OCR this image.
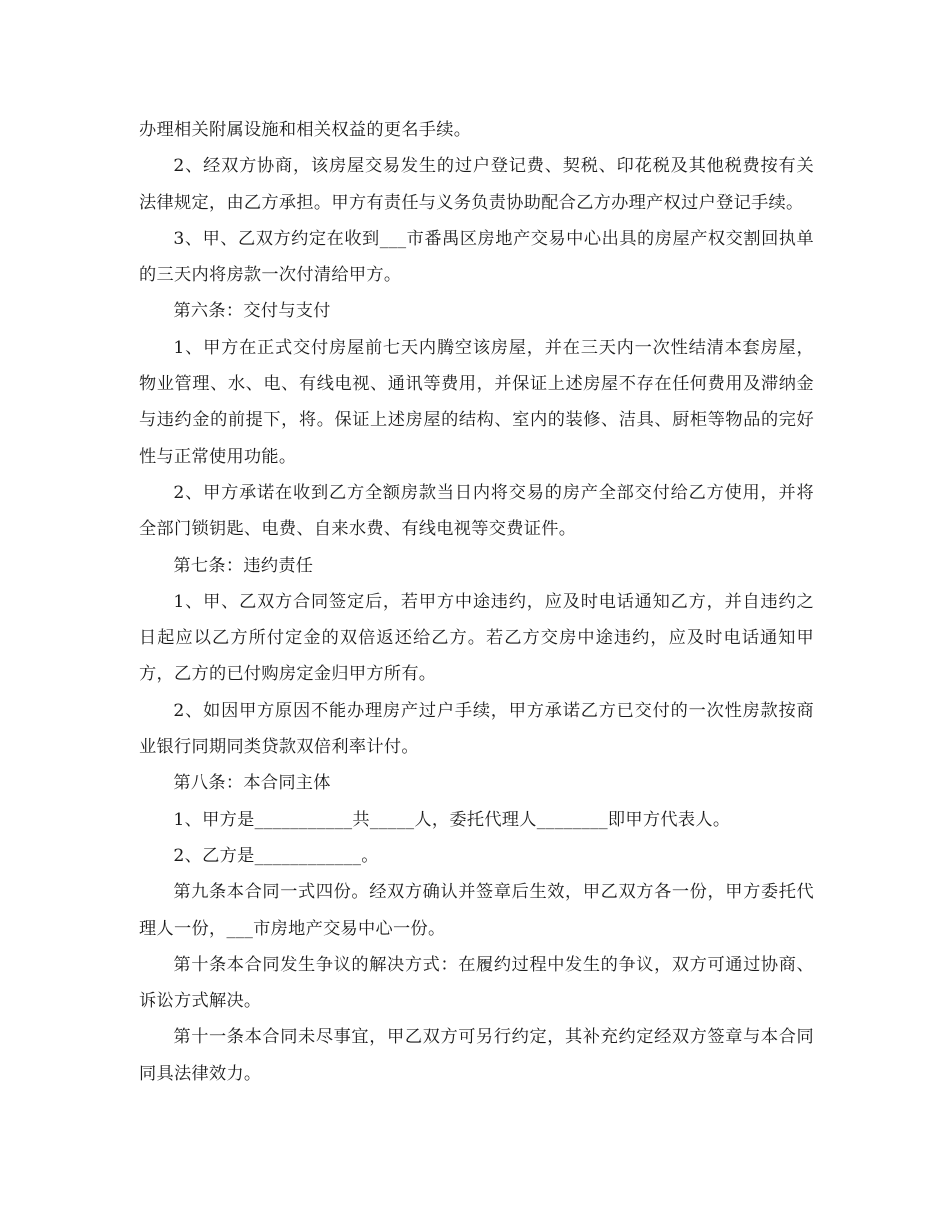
办理相关附属设施和相关权益的更名手续。

2、经双方协商，该房屋交易发生的过户登记费、契税、印花税及其他税费按有关法律规定，由乙方承担。甲方有责任与义务负责协助配合乙方办理产权过户登记手续。

3、甲、乙双方约定在收到___市番禺区房地产交易中心出具的房屋产权交割回执单的三天内将房款一次付清给甲方。

第六条：交付与支付

1、甲方在正式交付房屋前七天内腾空该房屋，并在三天内一次性结清本套房屋，物业管理、水、电、有线电视、通讯等费用，并保证上述房屋不存在任何费用及滞纳金与违约金的前提下，将。保证上述房屋的结构、室内的装修、洁具、厨柜等物品的完好性与正常使用功能。

2、甲方承诺在收到乙方全额房款当日内将交易的房产全部交付给乙方使用，并将全部门锁钥匙、电费、自来水费、有线电视等交费证件。

第七条：违约责任

1、甲、乙双方合同签定后，若甲方中途违约，应及时电话通知乙方，并自违约之日起应以乙方所付定金的双倍返还给乙方。若乙方交房中途违约，应及时电话通知甲方，乙方的已付购房定金归甲方所有。

2、如因甲方原因不能办理房产过户手续，甲方承诺乙方已交付的一次性房款按商业银行同期同类贷款双倍利率计付。

第八条：本合同主体

1、甲方是___________共_____人，委托代理人________即甲方代表人。

2、乙方是____________。

第九条本合同一式四份。经双方确认并签章后生效，甲乙双方各一份，甲方委托代理人一份，___市房地产交易中心一份。

第十条本合同发生争议的解决方式：在履约过程中发生的争议，双方可通过协商、诉讼方式解决。

第十一条本合同未尽事宜，甲乙双方可另行约定，其补充约定经双方签章与本合同同具法律效力。
